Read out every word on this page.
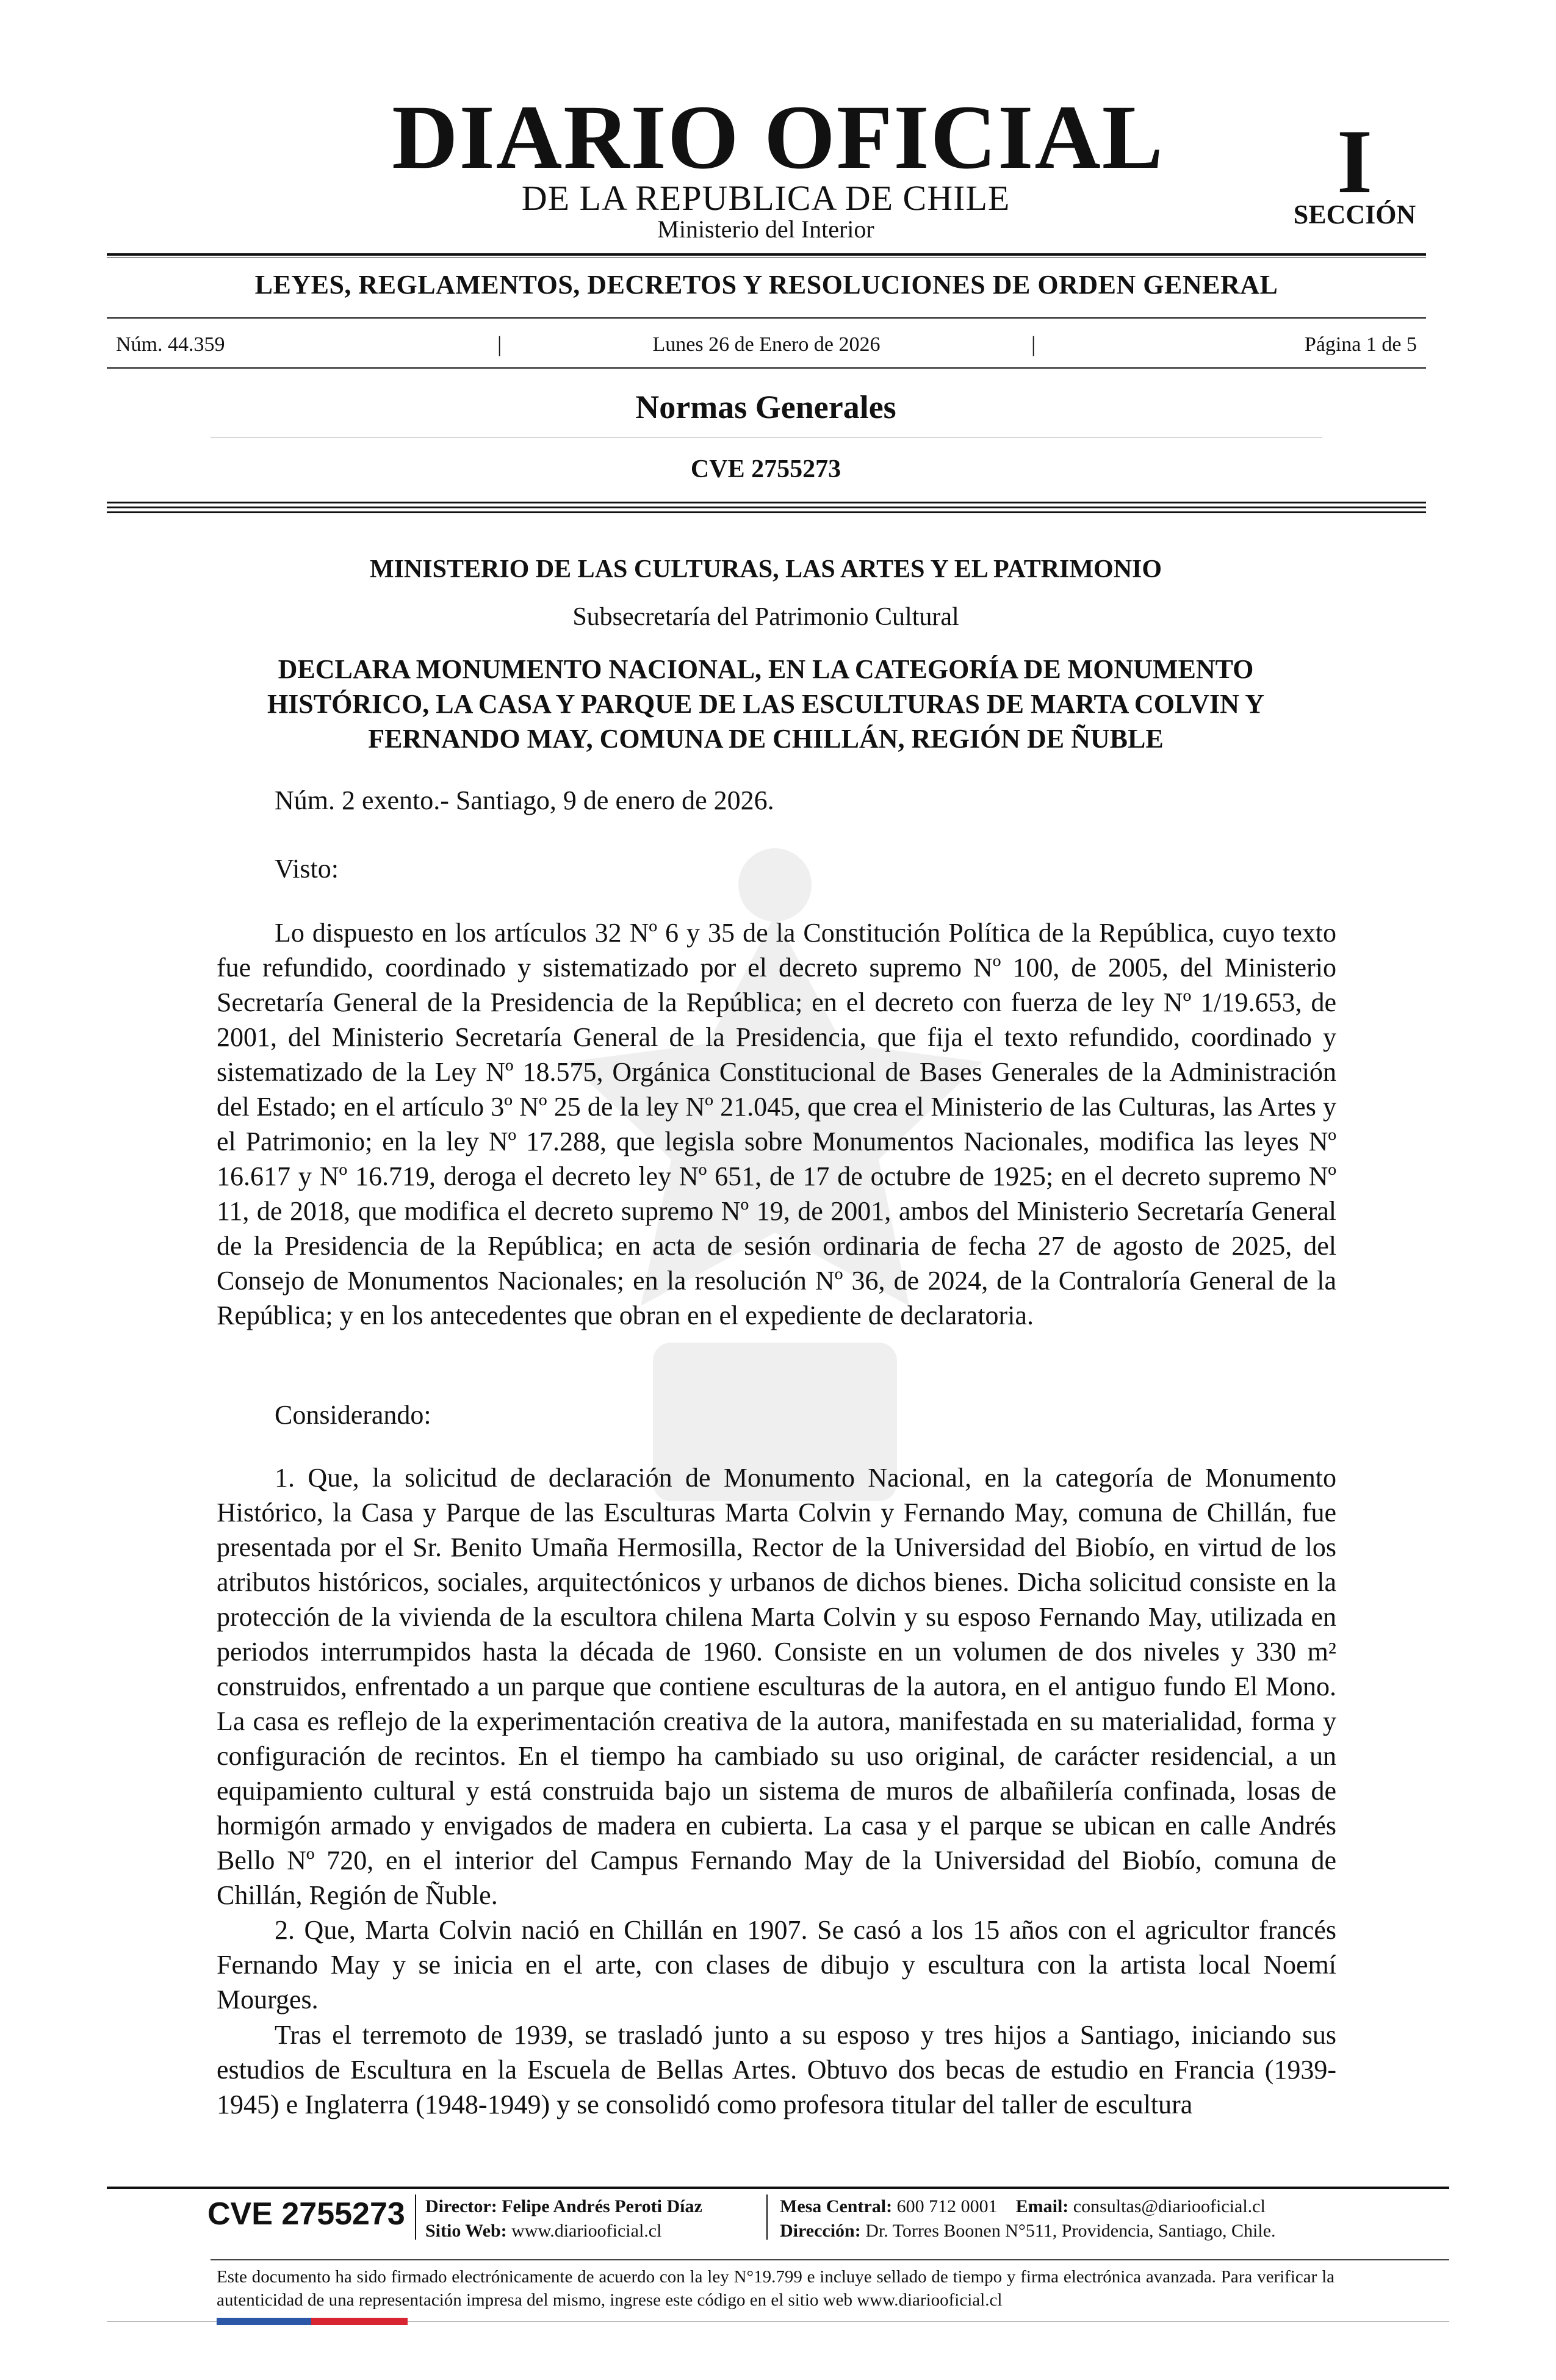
DIARIO OFICIAL
DE LA REPUBLICA DE CHILE
Ministerio del Interior
I
SECCIÓN
LEYES, REGLAMENTOS, DECRETOS Y RESOLUCIONES DE ORDEN GENERAL
Núm. 44.359	|	Lunes 26 de Enero de 2026	|	Página 1 de 5
Normas Generales
CVE 2755273
MINISTERIO DE LAS CULTURAS, LAS ARTES Y EL PATRIMONIO
Subsecretaría del Patrimonio Cultural
DECLARA MONUMENTO NACIONAL, EN LA CATEGORÍA DE MONUMENTO HISTÓRICO, LA CASA Y PARQUE DE LAS ESCULTURAS DE MARTA COLVIN Y FERNANDO MAY, COMUNA DE CHILLÁN, REGIÓN DE ÑUBLE
Núm. 2 exento.- Santiago, 9 de enero de 2026.
Visto:
Lo dispuesto en los artículos 32 Nº 6 y 35 de la Constitución Política de la República, cuyo texto fue refundido, coordinado y sistematizado por el decreto supremo Nº 100, de 2005, del Ministerio Secretaría General de la Presidencia de la República; en el decreto con fuerza de ley Nº 1/19.653, de 2001, del Ministerio Secretaría General de la Presidencia, que fija el texto refundido, coordinado y sistematizado de la Ley Nº 18.575, Orgánica Constitucional de Bases Generales de la Administración del Estado; en el artículo 3º Nº 25 de la ley Nº 21.045, que crea el Ministerio de las Culturas, las Artes y el Patrimonio; en la ley Nº 17.288, que legisla sobre Monumentos Nacionales, modifica las leyes Nº 16.617 y Nº 16.719, deroga el decreto ley Nº 651, de 17 de octubre de 1925; en el decreto supremo Nº 11, de 2018, que modifica el decreto supremo Nº 19, de 2001, ambos del Ministerio Secretaría General de la Presidencia de la República; en acta de sesión ordinaria de fecha 27 de agosto de 2025, del Consejo de Monumentos Nacionales; en la resolución Nº 36, de 2024, de la Contraloría General de la República; y en los antecedentes que obran en el expediente de declaratoria.
Considerando:
1. Que, la solicitud de declaración de Monumento Nacional, en la categoría de Monumento Histórico, la Casa y Parque de las Esculturas Marta Colvin y Fernando May, comuna de Chillán, fue presentada por el Sr. Benito Umaña Hermosilla, Rector de la Universidad del Biobío, en virtud de los atributos históricos, sociales, arquitectónicos y urbanos de dichos bienes. Dicha solicitud consiste en la protección de la vivienda de la escultora chilena Marta Colvin y su esposo Fernando May, utilizada en periodos interrumpidos hasta la década de 1960. Consiste en un volumen de dos niveles y 330 m² construidos, enfrentado a un parque que contiene esculturas de la autora, en el antiguo fundo El Mono. La casa es reflejo de la experimentación creativa de la autora, manifestada en su materialidad, forma y configuración de recintos. En el tiempo ha cambiado su uso original, de carácter residencial, a un equipamiento cultural y está construida bajo un sistema de muros de albañilería confinada, losas de hormigón armado y envigados de madera en cubierta. La casa y el parque se ubican en calle Andrés Bello Nº 720, en el interior del Campus Fernando May de la Universidad del Biobío, comuna de Chillán, Región de Ñuble.
2. Que, Marta Colvin nació en Chillán en 1907. Se casó a los 15 años con el agricultor francés Fernando May y se inicia en el arte, con clases de dibujo y escultura con la artista local Noemí Mourges.
Tras el terremoto de 1939, se trasladó junto a su esposo y tres hijos a Santiago, iniciando sus estudios de Escultura en la Escuela de Bellas Artes. Obtuvo dos becas de estudio en Francia (1939-1945) e Inglaterra (1948-1949) y se consolidó como profesora titular del taller de escultura
CVE 2755273 Director: Felipe Andrés Peroti Díaz
Sitio Web: www.diariooficial.cl
Mesa Central: 600 712 0001 Email: consultas@diariooficial.cl
Dirección: Dr. Torres Boonen N°511, Providencia, Santiago, Chile.
Este documento ha sido firmado electrónicamente de acuerdo con la ley N°19.799 e incluye sellado de tiempo y firma electrónica avanzada. Para verificar la autenticidad de una representación impresa del mismo, ingrese este código en el sitio web www.diariooficial.cl
